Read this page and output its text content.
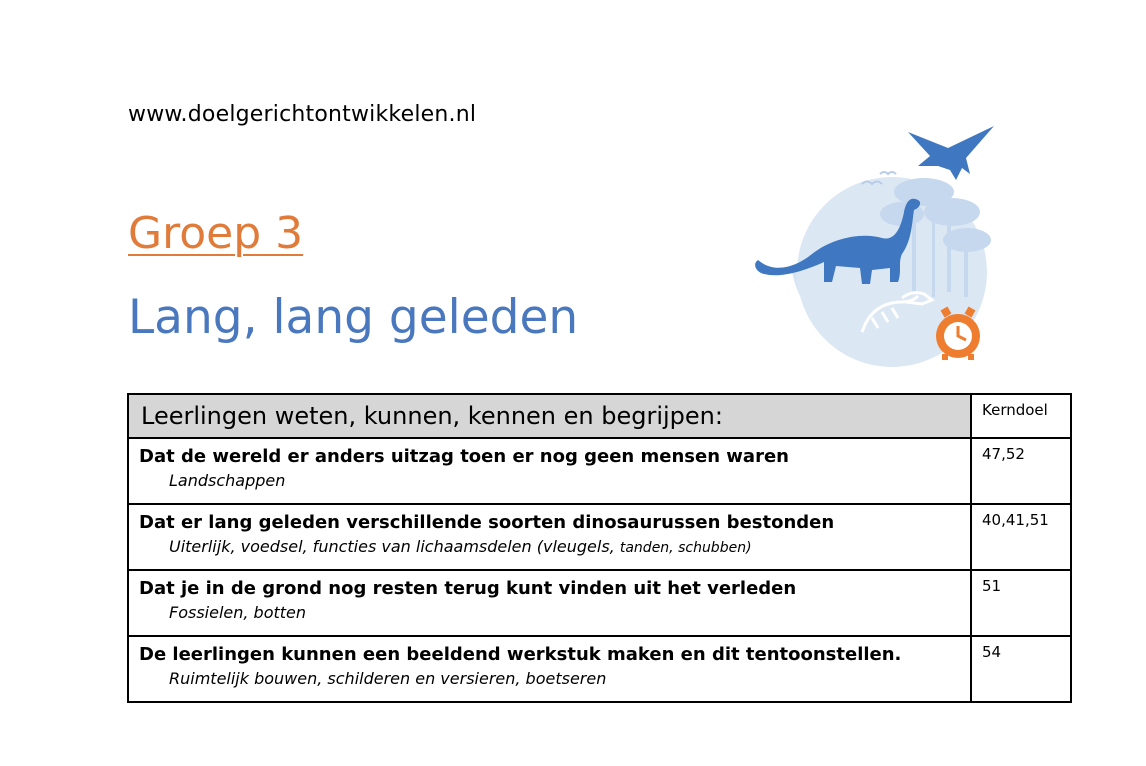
www.doelgerichtontwikkelen.nl
Groep 3
Lang, lang geleden
Leerlingen weten, kunnen, kennen en begrijpen:	Kerndoel

Dat de wereld er anders uitzag toen er nog geen mensen waren
Landschappen	47,52

Dat er lang geleden verschillende soorten dinosaurussen bestonden
Uiterlijk, voedsel, functies van lichaamsdelen (vleugels, tanden, schubben)	40,41,51

Dat je in de grond nog resten terug kunt vinden uit het verleden
Fossielen, botten	51

De leerlingen kunnen een beeldend werkstuk maken en dit tentoonstellen.
Ruimtelijk bouwen, schilderen en versieren, boetseren	54
